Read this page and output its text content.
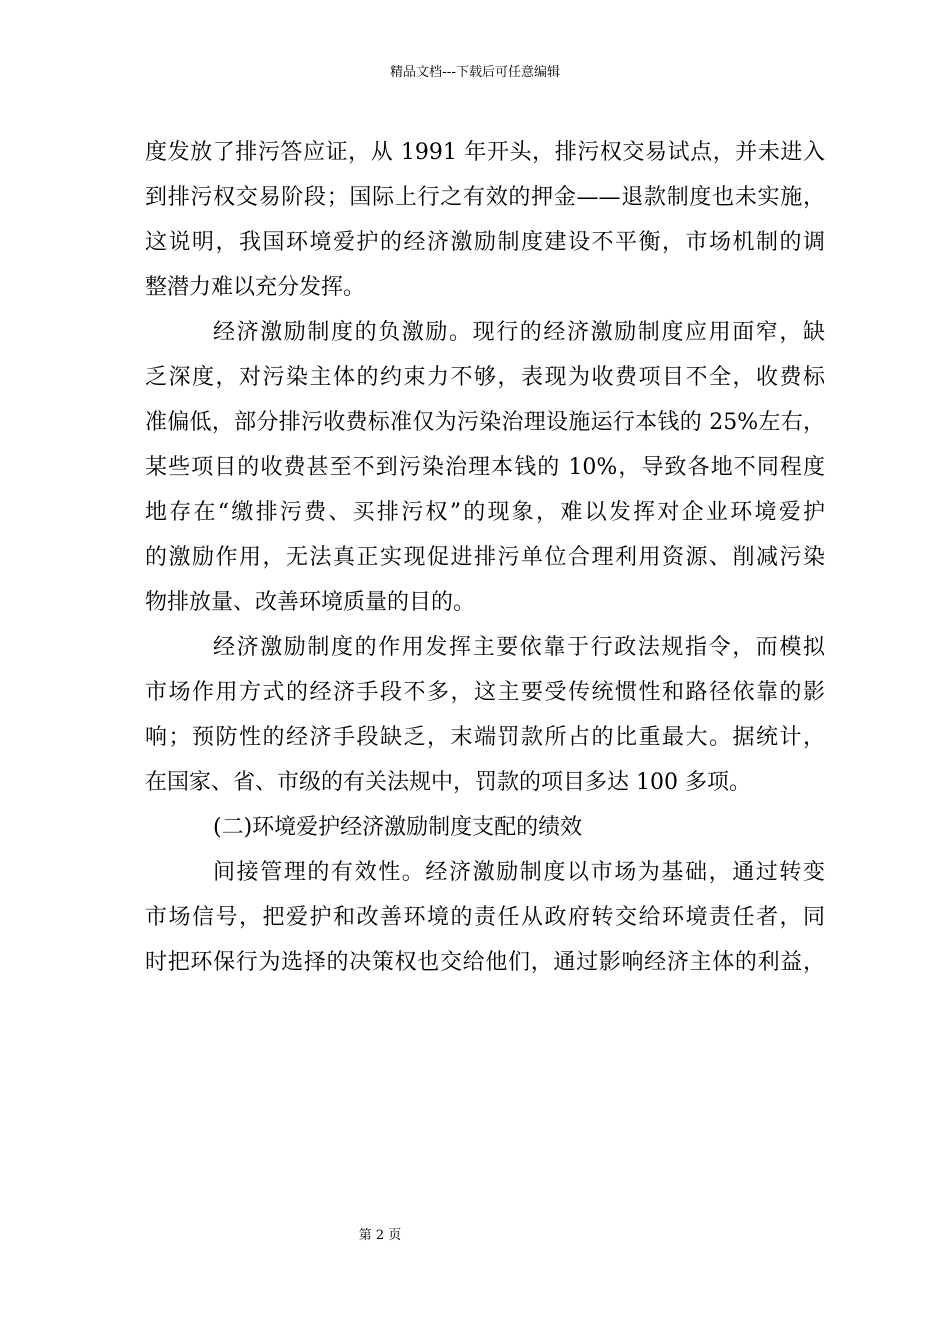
精品文档---下载后可任意编辑
度发放了排污答应证，从 1991 年开头，排污权交易试点，并未进入
到排污权交易阶段；国际上行之有效的押金——退款制度也未实施，
这说明，我国环境爱护的经济激励制度建设不平衡，市场机制的调
整潜力难以充分发挥。
经济激励制度的负激励。现行的经济激励制度应用面窄，缺
乏深度，对污染主体的约束力不够，表现为收费项目不全，收费标
准偏低，部分排污收费标准仅为污染治理设施运行本钱的 25%左右，
某些项目的收费甚至不到污染治理本钱的 10%，导致各地不同程度
地存在“缴排污费、买排污权”的现象，难以发挥对企业环境爱护
的激励作用，无法真正实现促进排污单位合理利用资源、削减污染
物排放量、改善环境质量的目的。
经济激励制度的作用发挥主要依靠于行政法规指令，而模拟
市场作用方式的经济手段不多，这主要受传统惯性和路径依靠的影
响；预防性的经济手段缺乏，末端罚款所占的比重最大。据统计，
在国家、省、市级的有关法规中，罚款的项目多达 100 多项。
(二)环境爱护经济激励制度支配的绩效
间接管理的有效性。经济激励制度以市场为基础，通过转变
市场信号，把爱护和改善环境的责任从政府转交给环境责任者，同
时把环保行为选择的决策权也交给他们，通过影响经济主体的利益，
第 2 页
